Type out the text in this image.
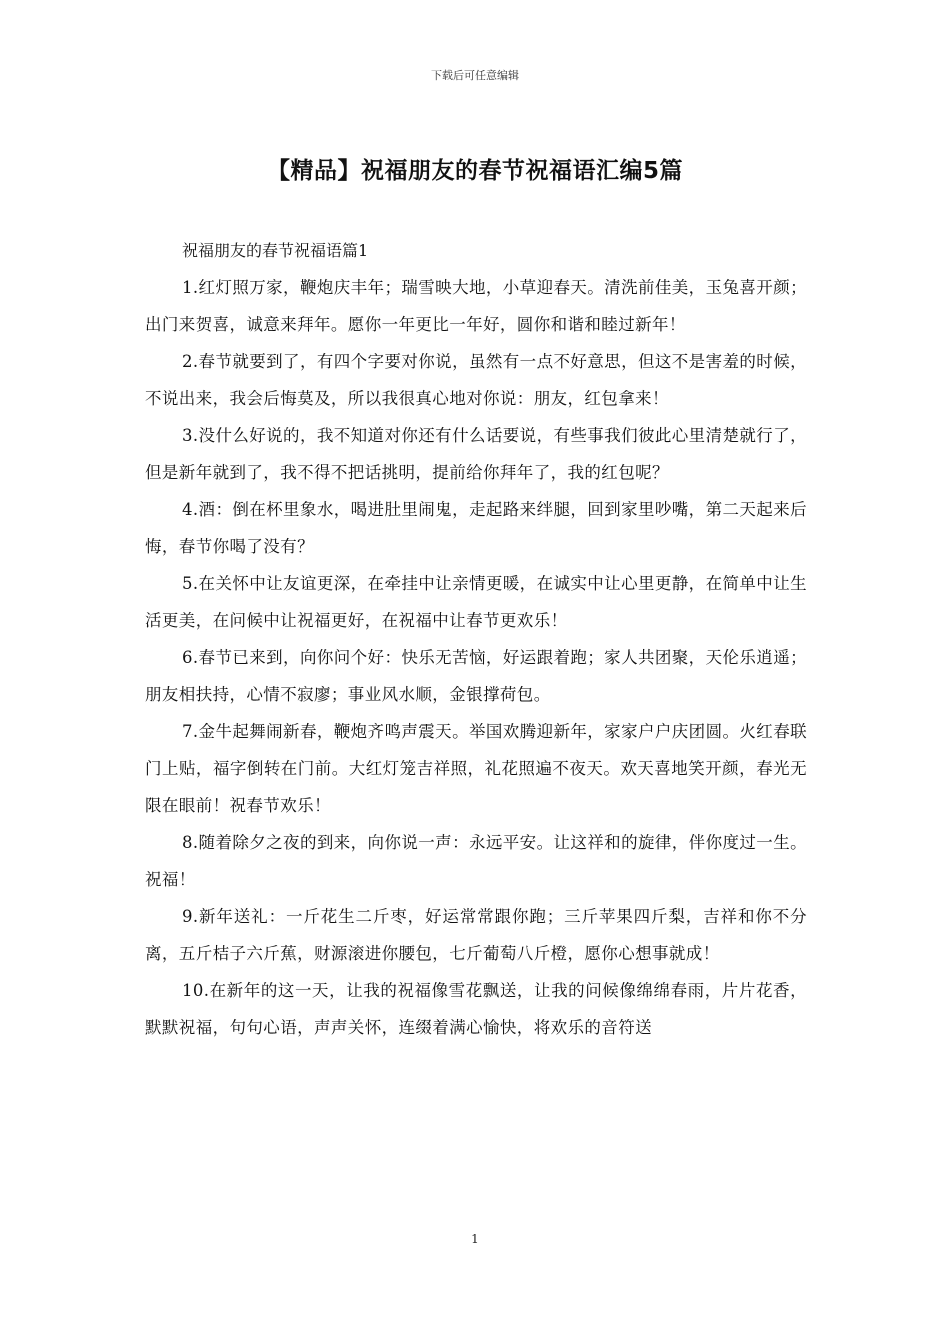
下载后可任意编辑
【精品】祝福朋友的春节祝福语汇编5篇

祝福朋友的春节祝福语篇1

1.红灯照万家，鞭炮庆丰年；瑞雪映大地，小草迎春天。清洗前佳美，玉兔喜开颜；出门来贺喜，诚意来拜年。愿你一年更比一年好，圆你和谐和睦过新年！

2.春节就要到了，有四个字要对你说，虽然有一点不好意思，但这不是害羞的时候，不说出来，我会后悔莫及，所以我很真心地对你说：朋友，红包拿来！

3.没什么好说的，我不知道对你还有什么话要说，有些事我们彼此心里清楚就行了，但是新年就到了，我不得不把话挑明，提前给你拜年了，我的红包呢？

4.酒：倒在杯里象水，喝进肚里闹鬼，走起路来绊腿，回到家里吵嘴，第二天起来后悔，春节你喝了没有？

5.在关怀中让友谊更深，在牵挂中让亲情更暖，在诚实中让心里更静，在简单中让生活更美，在问候中让祝福更好，在祝福中让春节更欢乐！

6.春节已来到，向你问个好：快乐无苦恼，好运跟着跑；家人共团聚，天伦乐逍遥；朋友相扶持，心情不寂廖；事业风水顺，金银撑荷包。

7.金牛起舞闹新春，鞭炮齐鸣声震天。举国欢腾迎新年，家家户户庆团圆。火红春联门上贴，福字倒转在门前。大红灯笼吉祥照，礼花照遍不夜天。欢天喜地笑开颜，春光无限在眼前！祝春节欢乐！

8.随着除夕之夜的到来，向你说一声：永远平安。让这祥和的旋律，伴你度过一生。祝福！

9.新年送礼：一斤花生二斤枣，好运常常跟你跑；三斤苹果四斤梨，吉祥和你不分离，五斤桔子六斤蕉，财源滚进你腰包，七斤葡萄八斤橙，愿你心想事就成！

10.在新年的这一天，让我的祝福像雪花飘送，让我的问候像绵绵春雨，片片花香，默默祝福，句句心语，声声关怀，连缀着满心愉快，将欢乐的音符送

1
